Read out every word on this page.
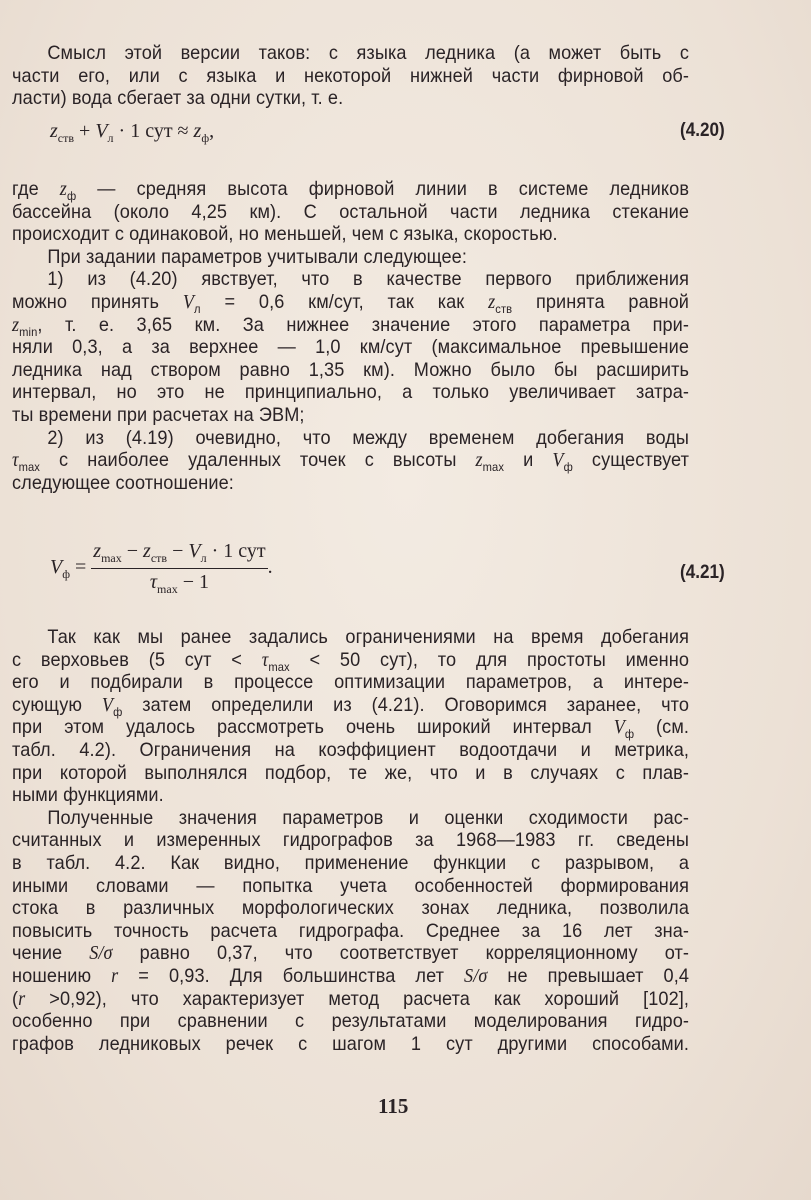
Смысл этой версии таков: с языка ледника (а может быть с
части его, или с языка и некоторой нижней части фирновой об-
ласти) вода сбегает за одни сутки, т. е.
$z_{ств} + V_л \cdot 1$ сут ≈ $z_ф$,	(4.20)
где $z_ф$ — средняя высота фирновой линии в системе ледников
бассейна (около 4,25 км). С остальной части ледника стекание
происходит с одинаковой, но меньшей, чем с языка, скоростью.
При задании параметров учитывали следующее:
1) из (4.20) явствует, что в качестве первого приближения
можно принять $V_л = 0,6$ км/сут, так как $z_{ств}$ принята равной
$z_{min}$, т. е. 3,65 км. За нижнее значение этого параметра при-
няли 0,3, а за верхнее — 1,0 км/сут (максимальное превышение
ледника над створом равно 1,35 км). Можно было бы расширить
интервал, но это не принципиально, а только увеличивает затра-
ты времени при расчетах на ЭВМ;
2) из (4.19) очевидно, что между временем добегания воды
$\tau_{max}$ с наиболее удаленных точек с высоты $z_{max}$ и $V_ф$ существует
следующее соотношение:
$V_ф = \frac{z_{max} - z_{ств} - V_л \cdot 1 сут}{\tau_{max} - 1}$ .	(4.21)
Так как мы ранее задались ограничениями на время добегания
с верховьев (5 сут < $\tau_{max} < 50$ сут), то для простоты именно
его и подбирали в процессе оптимизации параметров, а интере-
сующую $V_ф$ затем определили из (4.21). Оговоримся заранее, что
при этом удалось рассмотреть очень широкий интервал $V_ф$ (см.
табл. 4.2). Ограничения на коэффициент водоотдачи и метрика,
при которой выполнялся подбор, те же, что и в случаях с плав-
ными функциями.
Полученные значения параметров и оценки сходимости рас-
считанных и измеренных гидрографов за 1968—1983 гг. сведены
в табл. 4.2. Как видно, применение функции с разрывом, а
иными словами — попытка учета особенностей формирования
стока в различных морфологических зонах ледника, позволила
повысить точность расчета гидрографа. Среднее за 16 лет зна-
чение S/σ равно 0,37, что соответствует корреляционному от-
ношению r = 0,93. Для большинства лет S/σ не превышает 0,4
(r >0,92), что характеризует метод расчета как хороший [102],
особенно при сравнении с результатами моделирования гидро-
графов ледниковых речек с шагом 1 сут другими способами.
115
